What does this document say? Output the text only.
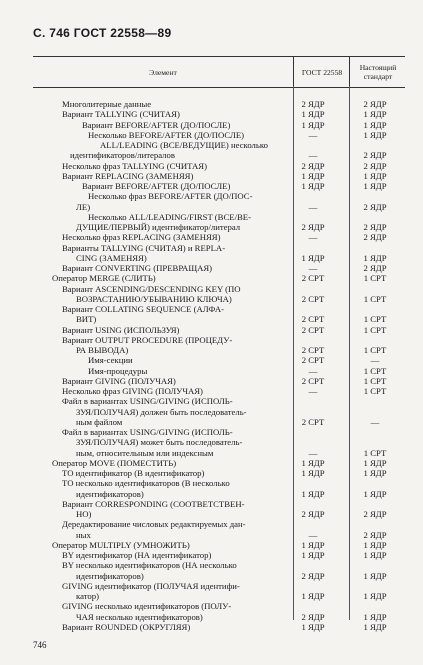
С. 746 ГОСТ 22558—89
Элемент	ГОСТ 22558	Настоящий стандарт
Многолитерные данные	2 ЯДР	2 ЯДР
Вариант TALLYING (СЧИТАЯ)	1 ЯДР	1 ЯДР
Вариант BEFORE/AFTER (ДО/ПОСЛЕ)	1 ЯДР	1 ЯДР
Несколько BEFORE/AFTER (ДО/ПОСЛЕ)	—	1 ЯДР
ALL/LEADING (ВСЕ/ВЕДУЩИЕ) несколько
идентификаторов/литералов	—	2 ЯДР
Несколько фраз TALLYING (СЧИТАЯ)	2 ЯДР	2 ЯДР
Вариант REPLACING (ЗАМЕНЯЯ)	1 ЯДР	1 ЯДР
Вариант BEFORE/AFTER (ДО/ПОСЛЕ)	1 ЯДР	1 ЯДР
Несколько фраз BEFORE/AFTER (ДО/ПОС-
ЛЕ)	—	2 ЯДР
Несколько ALL/LEADING/FIRST (ВСЕ/ВЕ-
ДУЩИЕ/ПЕРВЫЙ) идентификатор/литерал	2 ЯДР	2 ЯДР
Несколько фраз REPLACING (ЗАМЕНЯЯ)	—	2 ЯДР
Варианты TALLYING (СЧИТАЯ) и REPLA-
CING (ЗАМЕНЯЯ)	1 ЯДР	1 ЯДР
Вариант CONVERTING (ПРЕВРАЩАЯ)	—	2 ЯДР
Оператор MERGE (СЛИТЬ)	2 СРТ	1 СРТ
Вариант ASCENDING/DESCENDING KEY (ПО
ВОЗРАСТАНИЮ/УБЫВАНИЮ КЛЮЧА)	2 СРТ	1 СРТ
Вариант COLLATING SEQUENCE (АЛФА-
ВИТ)	2 СРТ	1 СРТ
Вариант USING (ИСПОЛЬЗУЯ)	2 СРТ	1 СРТ
Вариант OUTPUT PROCEDURE (ПРОЦЕДУ-
РА ВЫВОДА)	2 СРТ	1 СРТ
Имя-секции	2 СРТ	—
Имя-процедуры	—	1 СРТ
Вариант GIVING (ПОЛУЧАЯ)	2 СРТ	1 СРТ
Несколько фраз GIVING (ПОЛУЧАЯ)	—	1 СРТ
Файл в вариантах USING/GIVING (ИСПОЛЬ-
ЗУЯ/ПОЛУЧАЯ) должен быть последователь-
ным файлом	2 СРТ	—
Файл в вариантах USING/GIVING (ИСПОЛЬ-
ЗУЯ/ПОЛУЧАЯ) может быть последователь-
ным, относительным или индексным	—	1 СРТ
Оператор MOVE (ПОМЕСТИТЬ)	1 ЯДР	1 ЯДР
ТО идентификатор (В идентификатор)	1 ЯДР	1 ЯДР
ТО несколько идентификаторов (В несколько
идентификаторов)	1 ЯДР	1 ЯДР
Вариант CORRESPONDING (СООТВЕТСТВЕН-
НО)	2 ЯДР	2 ЯДР
Дередактирование числовых редактируемых дан-
ных	—	2 ЯДР
Оператор MULTIPLY (УМНОЖИТЬ)	1 ЯДР	1 ЯДР
BY идентификатор (НА идентификатор)	1 ЯДР	1 ЯДР
BY несколько идентификаторов (НА несколько
идентификаторов)	2 ЯДР	1 ЯДР
GIVING идентификатор (ПОЛУЧАЯ идентифи-
катор)	1 ЯДР	1 ЯДР
GIVING несколько идентификаторов (ПОЛУ-
ЧАЯ несколько идентификаторов)	2 ЯДР	1 ЯДР
Вариант ROUNDED (ОКРУГЛЯЯ)	1 ЯДР	1 ЯДР
746
